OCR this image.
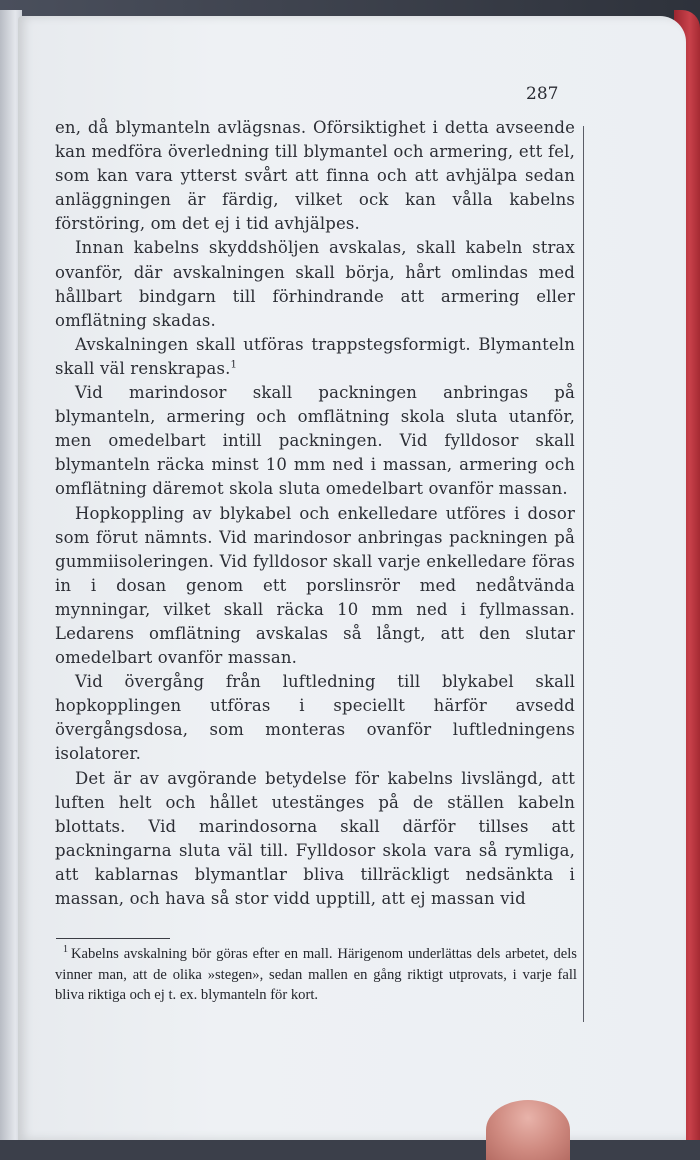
287

en, då blymanteln avlägsnas. Oförsiktighet i detta avseende kan medföra överledning till blymantel och armering, ett fel, som kan vara ytterst svårt att finna och att avhjälpa sedan anläggningen är färdig, vilket ock kan vålla kabelns förstöring, om det ej i tid avhjälpes.

Innan kabelns skyddshöljen avskalas, skall kabeln strax ovanför, där avskalningen skall börja, hårt omlindas med hållbart bindgarn till förhindrande att armering eller omflätning skadas.

Avskalningen skall utföras trappstegsformigt. Blymanteln skall väl renskrapas.$^1$

Vid marindosor skall packningen anbringas på blymanteln, armering och omflätning skola sluta utanför, men omedelbart intill packningen. Vid fylldosor skall blymanteln räcka minst 10 mm ned i massan, armering och omflätning däremot skola sluta omedelbart ovanför massan.

Hopkoppling av blykabel och enkelledare utföres i dosor som förut nämnts. Vid marindosor anbringas packningen på gummiisoleringen. Vid fylldosor skall varje enkelledare föras in i dosan genom ett porslinsrör med nedåtvända mynningar, vilket skall räcka 10 mm ned i fyllmassan. Ledarens omflätning avskalas så långt, att den slutar omedelbart ovanför massan.

Vid övergång från luftledning till blykabel skall hopkopplingen utföras i speciellt härför avsedd övergångsdosa, som monteras ovanför luftledningens isolatorer.

Det är av avgörande betydelse för kabelns livslängd, att luften helt och hållet utestänges på de ställen kabeln blottats. Vid marindosorna skall därför tillses att packningarna sluta väl till. Fylldosor skola vara så rymliga, att kablarnas blymantlar bliva tillräckligt nedsänkta i massan, och hava så stor vidd upptill, att ej massan vid

$^1$ Kabelns avskalning bör göras efter en mall. Härigenom underlättas dels arbetet, dels vinner man, att de olika »stegen», sedan mallen en gång riktigt utprovats, i varje fall bliva riktiga och ej t. ex. blymanteln för kort.
